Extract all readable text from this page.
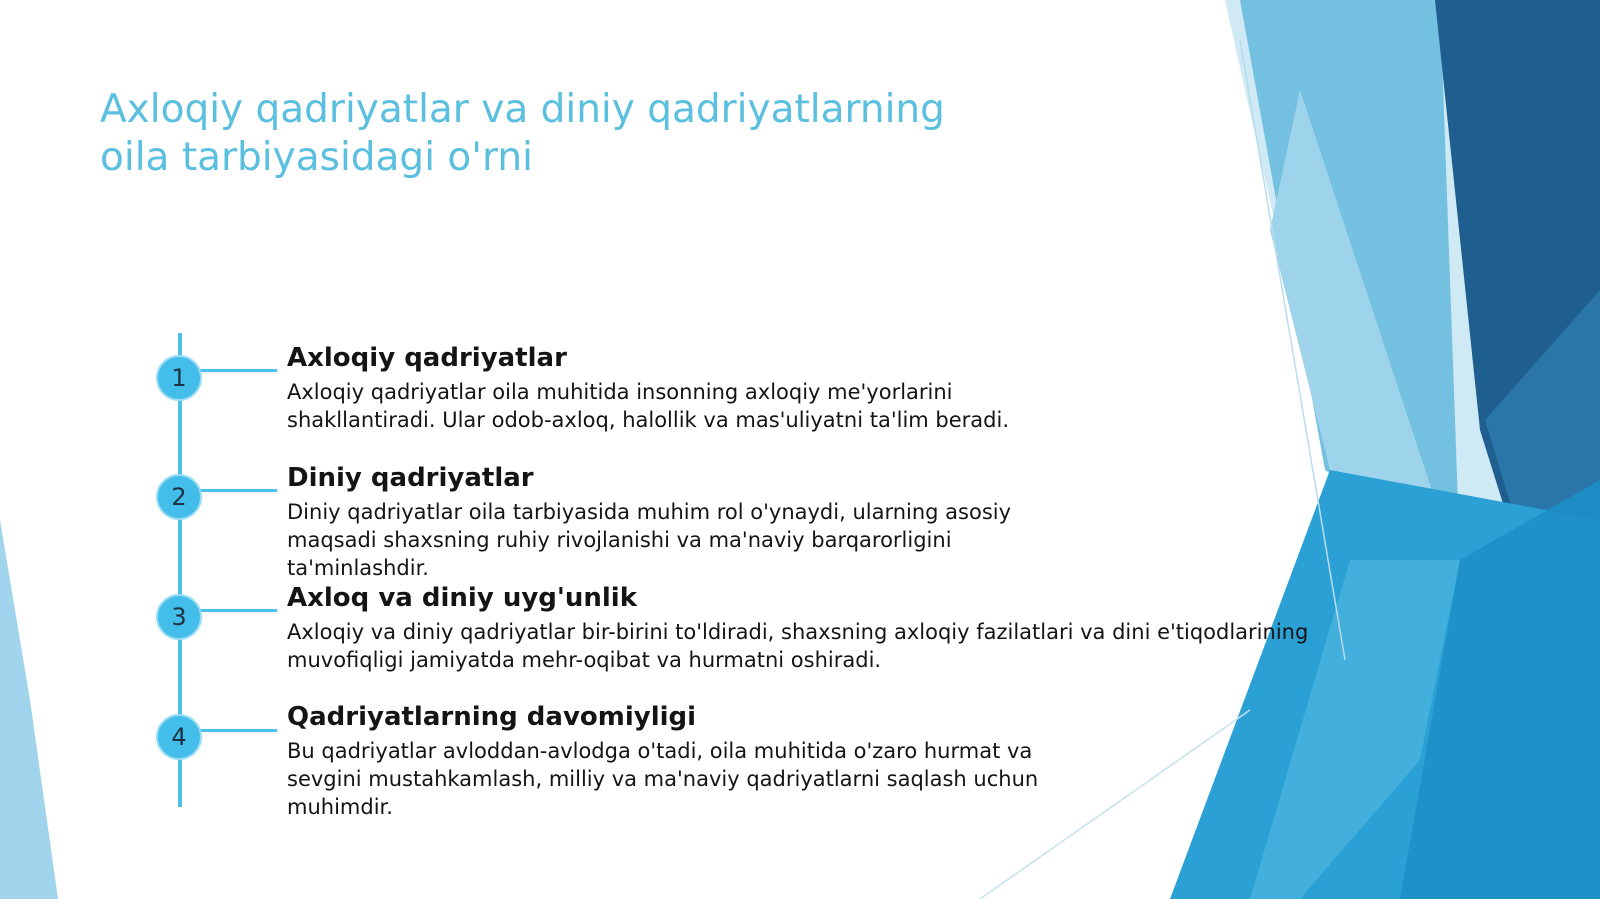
Axloqiy qadriyatlar va diniy qadriyatlarning oila tarbiyasidagi o'rni
1
Axloqiy qadriyatlar
Axloqiy qadriyatlar oila muhitida insonning axloqiy me'yorlarini shakllantiradi. Ular odob-axloq, halollik va mas'uliyatni ta'lim beradi.
2
Diniy qadriyatlar
Diniy qadriyatlar oila tarbiyasida muhim rol o'ynaydi, ularning asosiy maqsadi shaxsning ruhiy rivojlanishi va ma'naviy barqarorligini ta'minlashdir.
3
Axloq va diniy uyg'unlik
Axloqiy va diniy qadriyatlar bir-birini to'ldiradi, shaxsning axloqiy fazilatlari va dini e'tiqodlarining muvofiqligi jamiyatda mehr-oqibat va hurmatni oshiradi.
4
Qadriyatlarning davomiyligi
Bu qadriyatlar avloddan-avlodga o'tadi, oila muhitida o'zaro hurmat va sevgini mustahkamlash, milliy va ma'naviy qadriyatlarni saqlash uchun muhimdir.
